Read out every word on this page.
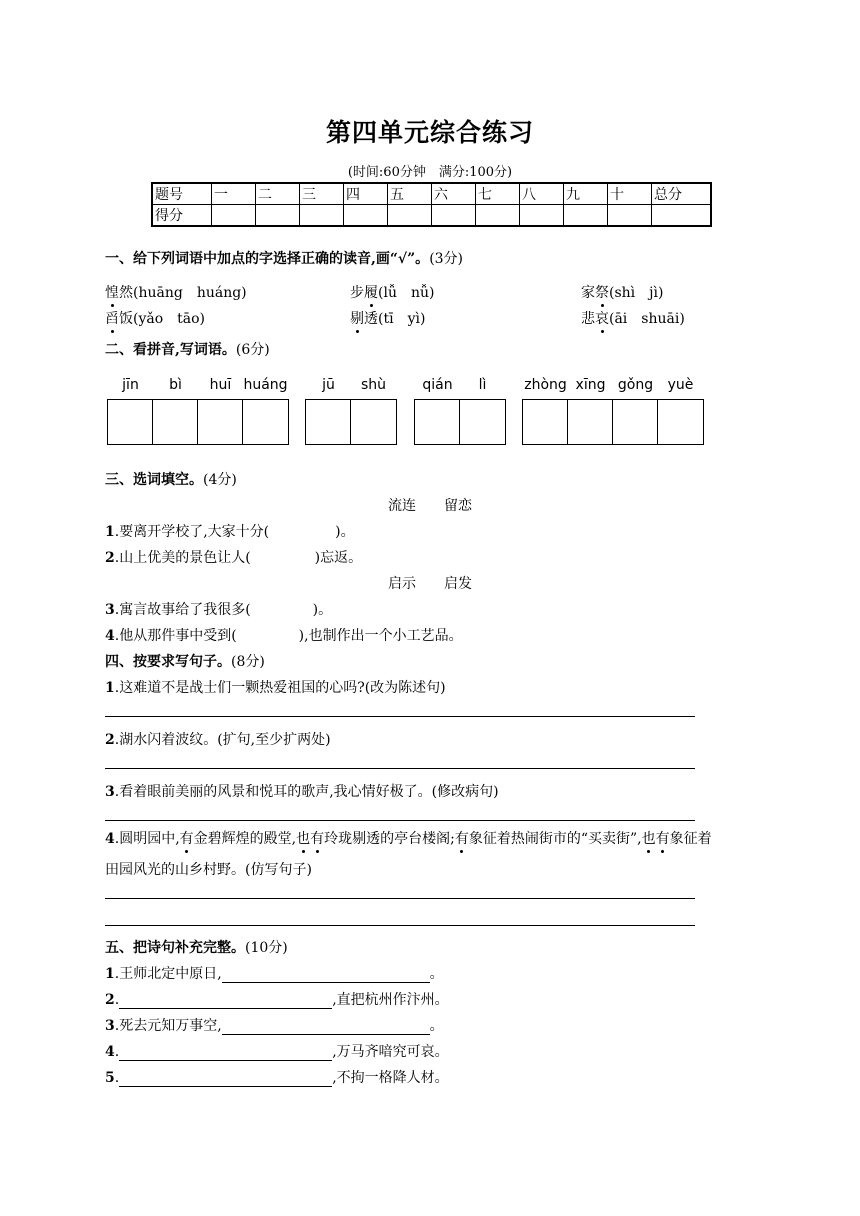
第四单元综合练习
(时间:60分钟　满分:100分)
题号	一	二	三	四	五	六	七	八	九	十	总分
得分											
一、给下列词语中加点的字选择正确的读音,画“√”。(3分)
惶然(huāng　huáng)	步履(lǚ　nǚ)	家祭(shì　jì)
舀饭(yǎo　tāo)	剔透(tī　yì)	悲哀(āi　shuāi)
二、看拼音,写词语。(6分)
jīn	bì	huī huáng	jū	shù	qián	lì	zhòng xīng gǒng	yuè
三、选词填空。(4分)
流连　　留恋
1.要离开学校了,大家十分(	)。
2.山上优美的景色让人(	)忘返。
启示　　启发
3.寓言故事给了我很多(	)。
4.他从那件事中受到(	),也制作出一个小工艺品。
四、按要求写句子。(8分)
1.这难道不是战士们一颗热爱祖国的心吗?(改为陈述句)
2.湖水闪着波纹。(扩句,至少扩两处)
3.看着眼前美丽的风景和悦耳的歌声,我心情好极了。(修改病句)
4.圆明园中,有金碧辉煌的殿堂,也有玲珑剔透的亭台楼阁;有象征着热闹街市的“买卖街”,也有象征着
田园风光的山乡村野。(仿写句子)
五、把诗句补充完整。(10分)
1.王师北定中原日,	。
2.	,直把杭州作汴州。
3.死去元知万事空,	。
4.	,万马齐喑究可哀。
5.	,不拘一格降人材。
